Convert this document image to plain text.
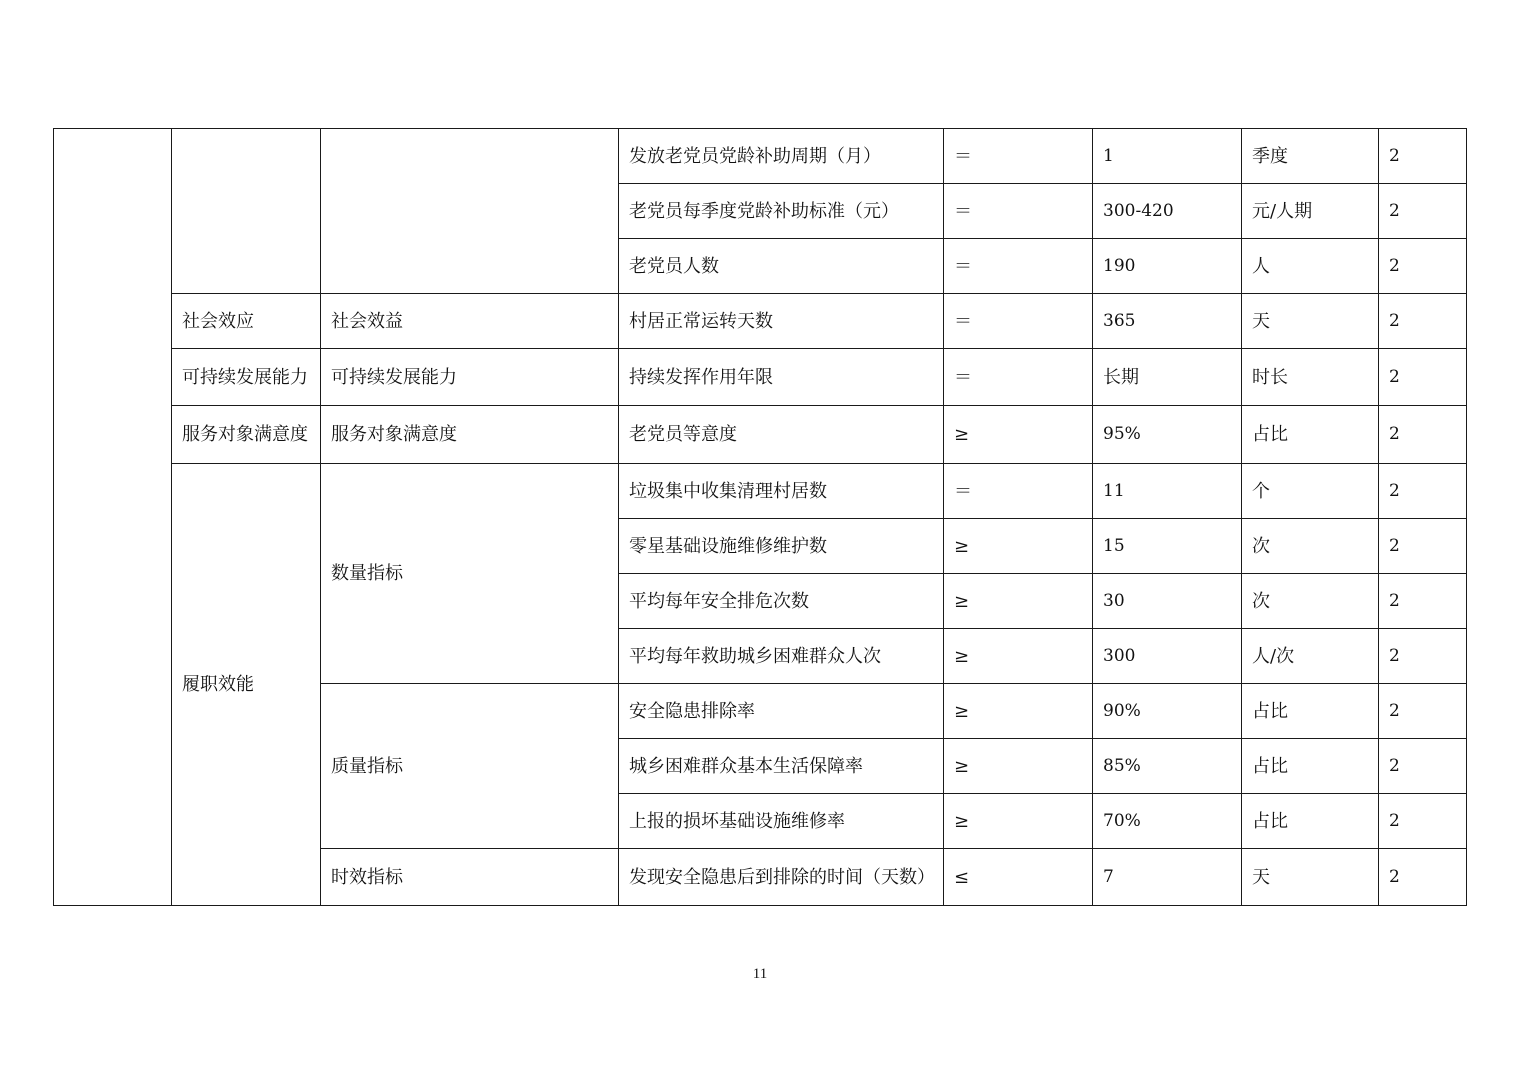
			发放老党员党龄补助周期（月）	＝	1	季度	2
			老党员每季度党龄补助标准（元）	＝	300-420	元/人期	2
			老党员人数	＝	190	人	2
	社会效应	社会效益	村居正常运转天数	＝	365	天	2
	可持续发展能力	可持续发展能力	持续发挥作用年限	＝	长期	时长	2
	服务对象满意度	服务对象满意度	老党员等意度	≥	95%	占比	2
	履职效能	数量指标	垃圾集中收集清理村居数	＝	11	个	2
			零星基础设施维修维护数	≥	15	次	2
			平均每年安全排危次数	≥	30	次	2
			平均每年救助城乡困难群众人次	≥	300	人/次	2
		质量指标	安全隐患排除率	≥	90%	占比	2
			城乡困难群众基本生活保障率	≥	85%	占比	2
			上报的损坏基础设施维修率	≥	70%	占比	2
		时效指标	发现安全隐患后到排除的时间（天数）	≤	7	天	2
11
